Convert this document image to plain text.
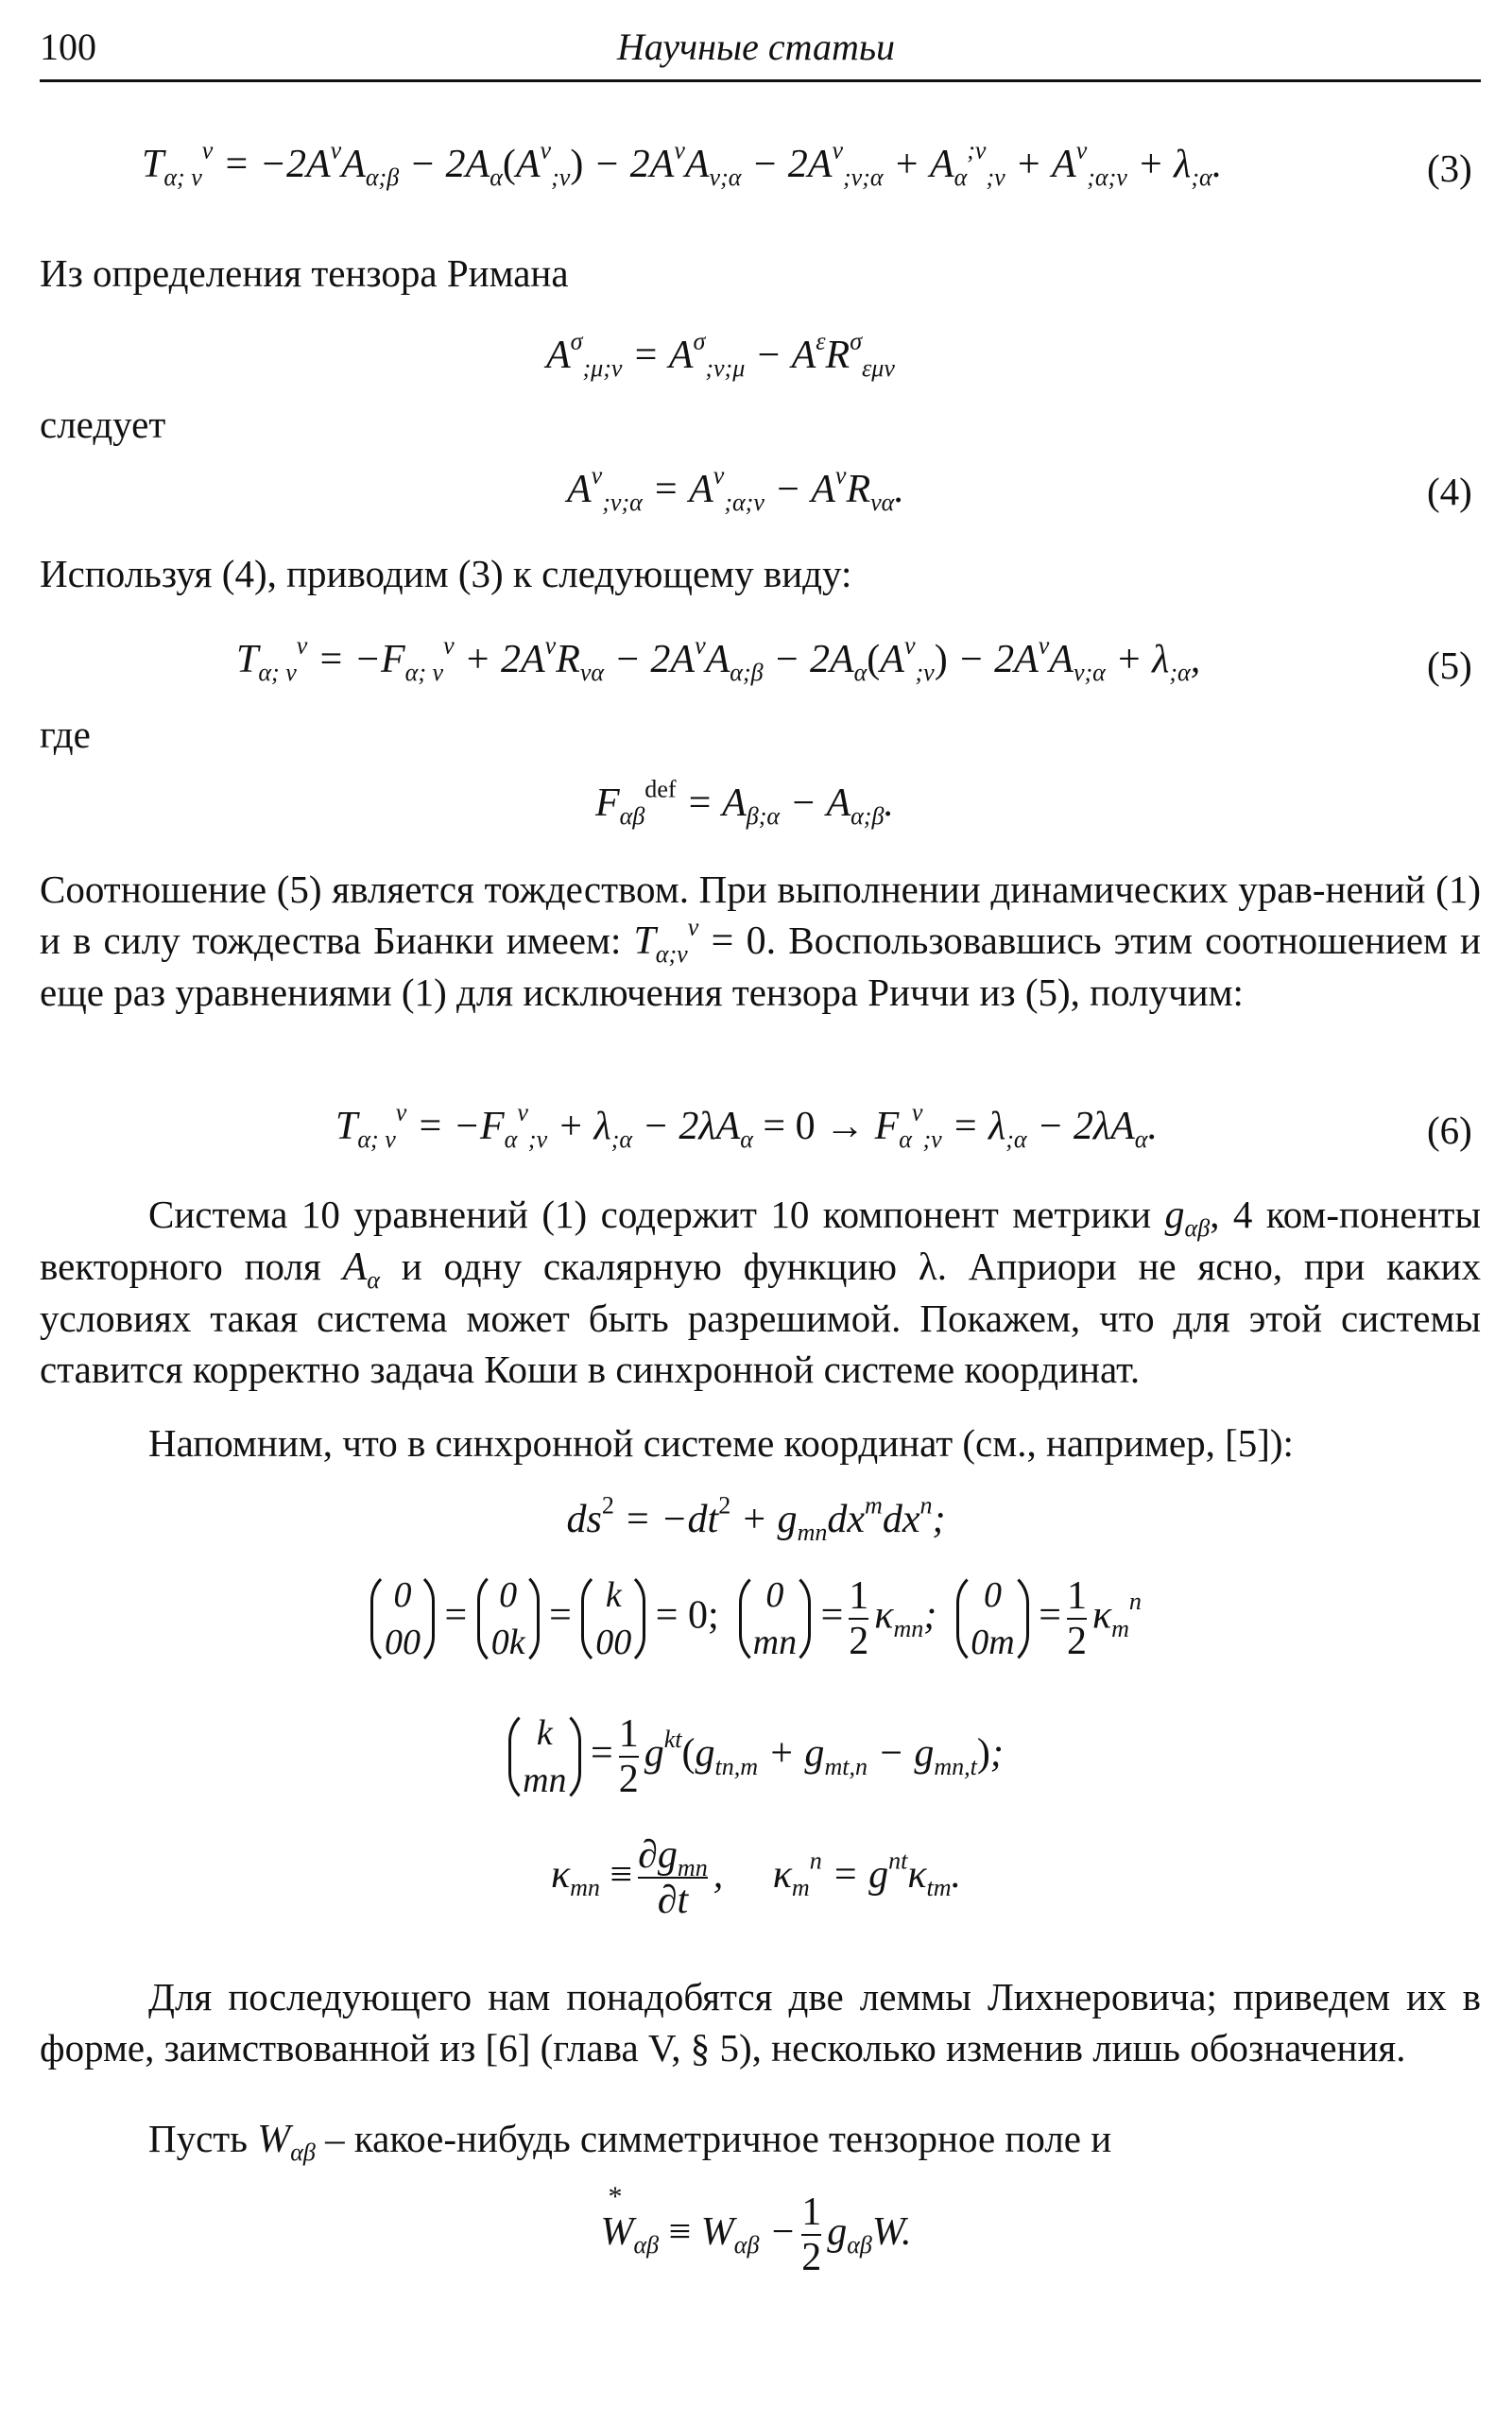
100	Научные статьи
$T_{\alpha; \nu}^\nu = -2A^\nu A_{\alpha;\beta} - 2A_\alpha(A^\nu_{;\nu}) - 2A^\nu A_{\nu;\alpha} - 2A^\nu_{;\nu;\alpha} + A_\alpha^{;\nu}_{;\nu} + A^\nu_{;\alpha;\nu} + \lambda_{;\alpha}$.	(3)
Из определения тензора Римана
$A^\sigma_{;\mu;\nu} = A^\sigma_{;\nu;\mu} - A^\varepsilon R^\sigma_{\varepsilon\mu\nu}$
следует
$A^\nu_{;\nu;\alpha} = A^\nu_{;\alpha;\nu} - A^\nu R_{\nu\alpha}$.	(4)
Используя (4), приводим (3) к следующему виду:
$T_{\alpha; \nu}^\nu = -F_{\alpha; \nu}^\nu + 2A^\nu R_{\nu\alpha} - 2A^\nu A_{\alpha;\beta} - 2A_\alpha(A^\nu_{;\nu}) - 2A^\nu A_{\nu;\alpha} + \lambda_{;\alpha}$,	(5)
где
$F_{\alpha\beta}^{def} = A_{\beta;\alpha} - A_{\alpha;\beta}$.
Соотношение (5) является тождеством. При выполнении динамических урав-нений (1) и в силу тождества Бианки имеем: $T_{\alpha;\nu}^\nu = 0$. Воспользовавшись этим соотношением и еще раз уравнениями (1) для исключения тензора Риччи из (5), получим:
$T_{\alpha; \nu}^\nu = -F_\alpha^\nu_{;\nu} + \lambda_{;\alpha} - 2\lambda A_\alpha = 0 \to F_\alpha^\nu_{;\nu} = \lambda_{;\alpha} - 2\lambda A_\alpha$.	(6)
Система 10 уравнений (1) содержит 10 компонент метрики $g_{\alpha\beta}$, 4 ком-поненты векторного поля $A_\alpha$ и одну скалярную функцию λ. Априори не ясно, при каких условиях такая система может быть разрешимой. Покажем, что для этой системы ставится корректно задача Коши в синхронной системе координат.
Напомним, что в синхронной системе координат (см., например, [5]):
$ds^2 = -dt^2 + g_{mn}dx^mdx^n$;
0
00
= 0
0k
= k
00
= 0;	0
mn
= $\frac{1}{2} \kappa_{mn}$; 0
0m
= $\frac{1}{2} \kappa_m^n$
k
mn
= $\frac{1}{2} g^{kt}(g_{tn,m} + g_{mt,n} - g_{mn,t})$;
$\kappa_{mn} \equiv \frac{\partial g_{mn}}{\partial t}$ ,     $\kappa_m^n = g^{nt}\kappa_{tm}$.
Для последующего нам понадобятся две леммы Лихнеровича; приведем их в форме, заимствованной из [6] (глава V, § 5), несколько изменив лишь обозначения.
Пусть $W_{\alpha\beta}$ – какое-нибудь симметричное тензорное поле и
W
*
$_{\alpha\beta} \equiv W_{\alpha\beta} - \frac{1}{2} g_{\alpha\beta}W$.
